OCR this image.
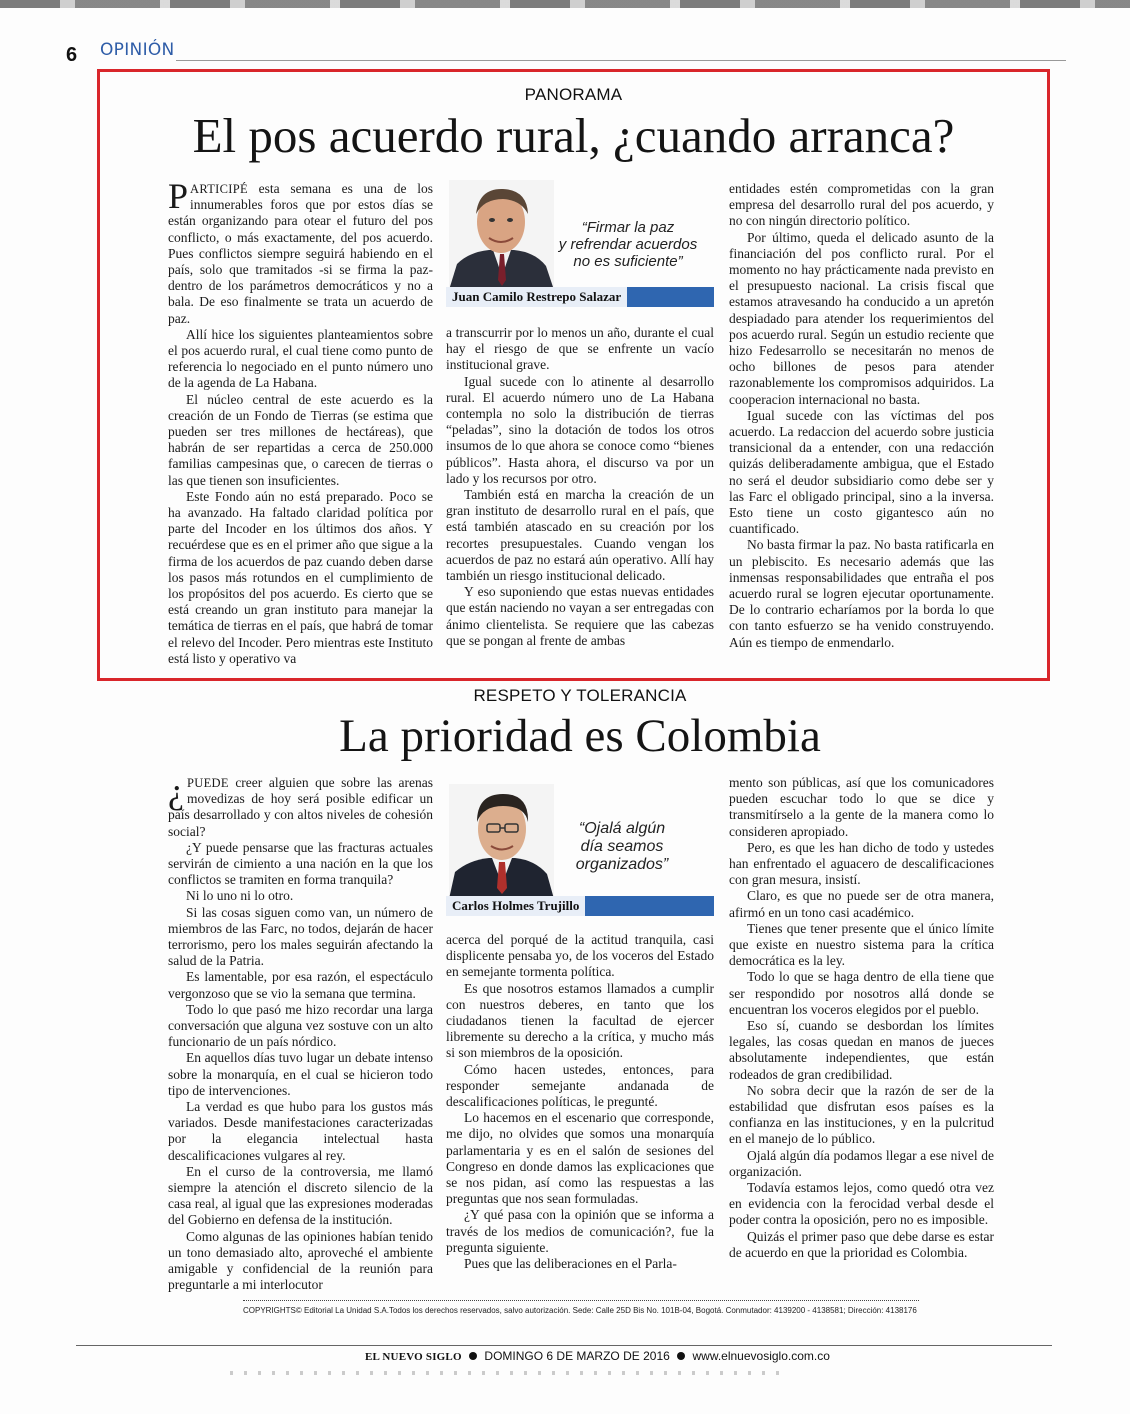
6 OPINIÓN
PANORAMA
El pos acuerdo rural, ¿cuando arranca?

PARTICIPÉ esta semana es una de los innumerables foros que por estos días se están organizando para otear el futuro del pos conflicto, o más exactamente, del pos acuerdo. Pues conflictos siempre seguirá habiendo en el país, solo que tramitados -si se firma la paz- dentro de los parámetros democráticos y no a bala. De eso finalmente se trata un acuerdo de paz.

Allí hice los siguientes planteamientos sobre el pos acuerdo rural, el cual tiene como punto de referencia lo negociado en el punto número uno de la agenda de La Habana.

El núcleo central de este acuerdo es la creación de un Fondo de Tierras (se estima que pueden ser tres millones de hectáreas), que habrán de ser repartidas a cerca de 250.000 familias campesinas que, o carecen de tierras o las que tienen son insuficientes.

Este Fondo aún no está preparado. Poco se ha avanzado. Ha faltado claridad política por parte del Incoder en los últimos dos años. Y recuérdese que es en el primer año que sigue a la firma de los acuerdos de paz cuando deben darse los pasos más rotundos en el cumplimiento de los propósitos del pos acuerdo. Es cierto que se está creando un gran instituto para manejar la temática de tierras en el país, que habrá de tomar el relevo del Incoder. Pero mientras este Instituto está listo y operativo va

“Firmar la paz
y refrendar acuerdos
no es suficiente”
Juan Camilo Restrepo Salazar

a transcurrir por lo menos un año, durante el cual hay el riesgo de que se enfrente un vacío institucional grave.

Igual sucede con lo atinente al desarrollo rural. El acuerdo número uno de La Habana contempla no solo la distribución de tierras “peladas”, sino la dotación de todos los otros insumos de lo que ahora se conoce como “bienes públicos”. Hasta ahora, el discurso va por un lado y los recursos por otro.

También está en marcha la creación de un gran instituto de desarrollo rural en el país, que está también atascado en su creación por los recortes presupuestales. Cuando vengan los acuerdos de paz no estará aún operativo. Allí hay también un riesgo institucional delicado.

Y eso suponiendo que estas nuevas entidades que están naciendo no vayan a ser entregadas con ánimo clientelista. Se requiere que las cabezas que se pongan al frente de ambas

entidades estén comprometidas con la gran empresa del desarrollo rural del pos acuerdo, y no con ningún directorio político.

Por último, queda el delicado asunto de la financiación del pos conflicto rural. Por el momento no hay prácticamente nada previsto en el presupuesto nacional. La crisis fiscal que estamos atravesando ha conducido a un apretón despiadado para atender los requerimientos del pos acuerdo rural. Según un estudio reciente que hizo Fedesarrollo se necesitarán no menos de ocho billones de pesos para atender razonablemente los compromisos adquiridos. La cooperacion internacional no basta.

Igual sucede con las víctimas del pos acuerdo. La redaccion del acuerdo sobre justicia transicional da a entender, con una redacción quizás deliberadamente ambigua, que el Estado no será el deudor subsidiario como debe ser y las Farc el obligado principal, sino a la inversa. Esto tiene un costo gigantesco aún no cuantificado.

No basta firmar la paz. No basta ratificarla en un plebiscito. Es necesario además que las inmensas responsabilidades que entraña el pos acuerdo rural se logren ejecutar oportunamente. De lo contrario echaríamos por la borda lo que con tanto esfuerzo se ha venido construyendo. Aún es tiempo de enmendarlo.

RESPETO Y TOLERANCIA
La prioridad es Colombia

¿ PUEDE creer alguien que sobre las arenas movedizas de hoy será posible edificar un país desarrollado y con altos niveles de cohesión social?

¿Y puede pensarse que las fracturas actuales servirán de cimiento a una nación en la que los conflictos se tramiten en forma tranquila?

Ni lo uno ni lo otro.

Si las cosas siguen como van, un número de miembros de las Farc, no todos, dejarán de hacer terrorismo, pero los males seguirán afectando la salud de la Patria.

Es lamentable, por esa razón, el espectáculo vergonzoso que se vio la semana que termina.

Todo lo que pasó me hizo recordar una larga conversación que alguna vez sostuve con un alto funcionario de un país nórdico.

En aquellos días tuvo lugar un debate intenso sobre la monarquía, en el cual se hicieron todo tipo de intervenciones.

La verdad es que hubo para los gustos más variados. Desde manifestaciones caracterizadas por la elegancia intelectual hasta descalificaciones vulgares al rey.

En el curso de la controversia, me llamó siempre la atención el discreto silencio de la casa real, al igual que las expresiones moderadas del Gobierno en defensa de la institución.

Como algunas de las opiniones habían tenido un tono demasiado alto, aproveché el ambiente amigable y confidencial de la reunión para preguntarle a mi interlocutor

“Ojalá algún
día seamos
organizados”
Carlos Holmes Trujillo

acerca del porqué de la actitud tranquila, casi displicente pensaba yo, de los voceros del Estado en semejante tormenta política.

Es que nosotros estamos llamados a cumplir con nuestros deberes, en tanto que los ciudadanos tienen la facultad de ejercer libremente su derecho a la crítica, y mucho más si son miembros de la oposición.

Cómo hacen ustedes, entonces, para responder semejante andanada de descalificaciones políticas, le pregunté.

Lo hacemos en el escenario que corresponde, me dijo, no olvides que somos una monarquía parlamentaria y es en el salón de sesiones del Congreso en donde damos las explicaciones que se nos pidan, así como las respuestas a las preguntas que nos sean formuladas.

¿Y qué pasa con la opinión que se informa a través de los medios de comunicación?, fue la pregunta siguiente.

Pues que las deliberaciones en el Parla-

mento son públicas, así que los comunicadores pueden escuchar todo lo que se dice y transmitírselo a la gente de la manera como lo consideren apropiado.

Pero, es que les han dicho de todo y ustedes han enfrentado el aguacero de descalificaciones con gran mesura, insistí.

Claro, es que no puede ser de otra manera, afirmó en un tono casi académico.

Tienes que tener presente que el único límite que existe en nuestro sistema para la crítica democrática es la ley.

Todo lo que se haga dentro de ella tiene que ser respondido por nosotros allá donde se encuentran los voceros elegidos por el pueblo.

Eso sí, cuando se desbordan los límites legales, las cosas quedan en manos de jueces absolutamente independientes, que están rodeados de gran credibilidad.

No sobra decir que la razón de ser de la estabilidad que disfrutan esos países es la confianza en las instituciones, y en la pulcritud en el manejo de lo público.

Ojalá algún día podamos llegar a ese nivel de organización.

Todavía estamos lejos, como quedó otra vez en evidencia con la ferocidad verbal desde el poder contra la oposición, pero no es imposible.

Quizás el primer paso que debe darse es estar de acuerdo en que la prioridad es Colombia.

COPYRIGHTS© Editorial La Unidad S.A.Todos los derechos reservados, salvo autorización. Sede: Calle 25D Bis No. 101B-04, Bogotá. Conmutador: 4139200 - 4138581; Dirección: 4138176
EL NUEVO SIGLO DOMINGO 6 DE MARZO DE 2016 www.elnuevosiglo.com.co
